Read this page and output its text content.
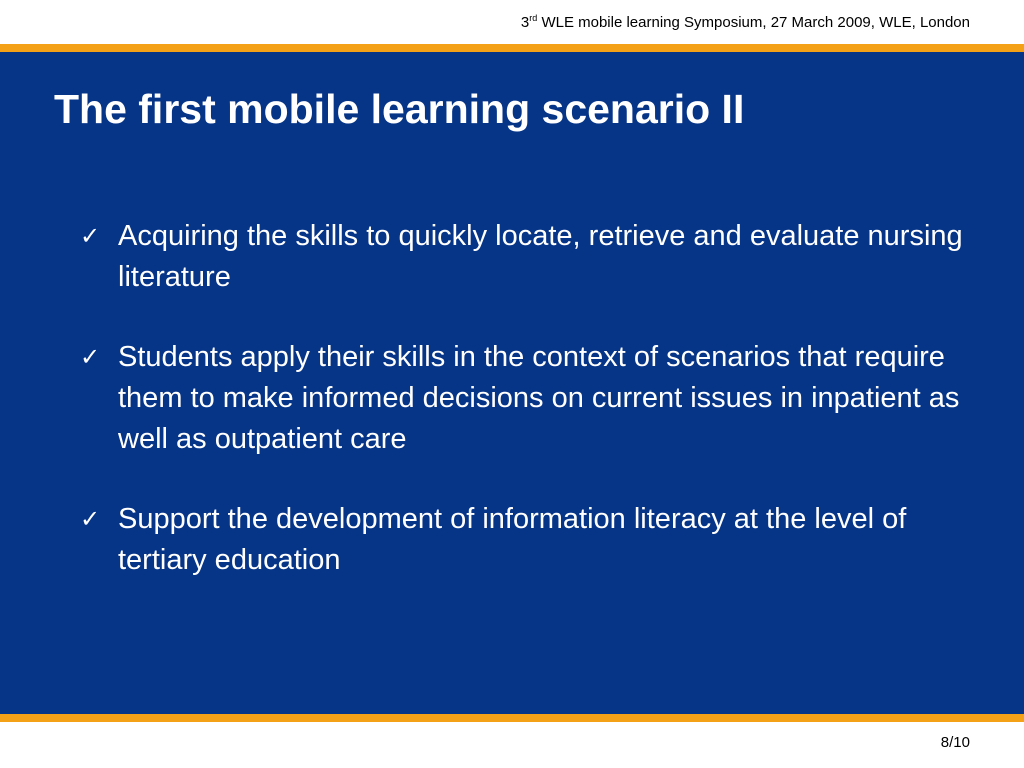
3rd WLE mobile learning Symposium, 27 March 2009, WLE, London
The first mobile learning scenario II
✓ Acquiring the skills to quickly locate, retrieve and evaluate nursing literature
✓ Students apply their skills in the context of scenarios that require them to make informed decisions on current issues in inpatient as well as outpatient care
✓ Support the development of information literacy at the level of tertiary education
8/10
